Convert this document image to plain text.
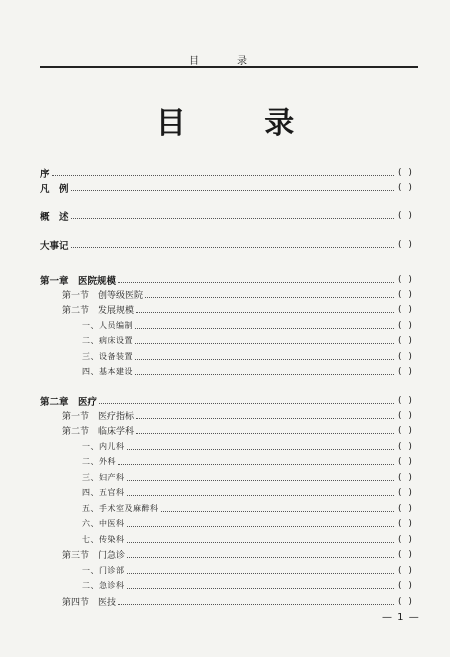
目　录
目 录
序	( )
凡　例	( )
概　述	( )
大事记	( )
第一章　医院规模	( )
第一节　创等级医院	( )
第二节　发展规模	( )
一、人员编制	( )
二、病床设置	( )
三、设备装置	( )
四、基本建设	( )
第二章　医疗	( )
第一节　医疗指标	( )
第二节　临床学科	( )
一、内儿科	( )
二、外科	( )
三、妇产科	( )
四、五官科	( )
五、手术室及麻醉科	( )
六、中医科	( )
七、传染科	( )
第三节　门急诊	( )
一、门诊部	( )
二、急诊科	( )
第四节　医技	( )
— 1 —
